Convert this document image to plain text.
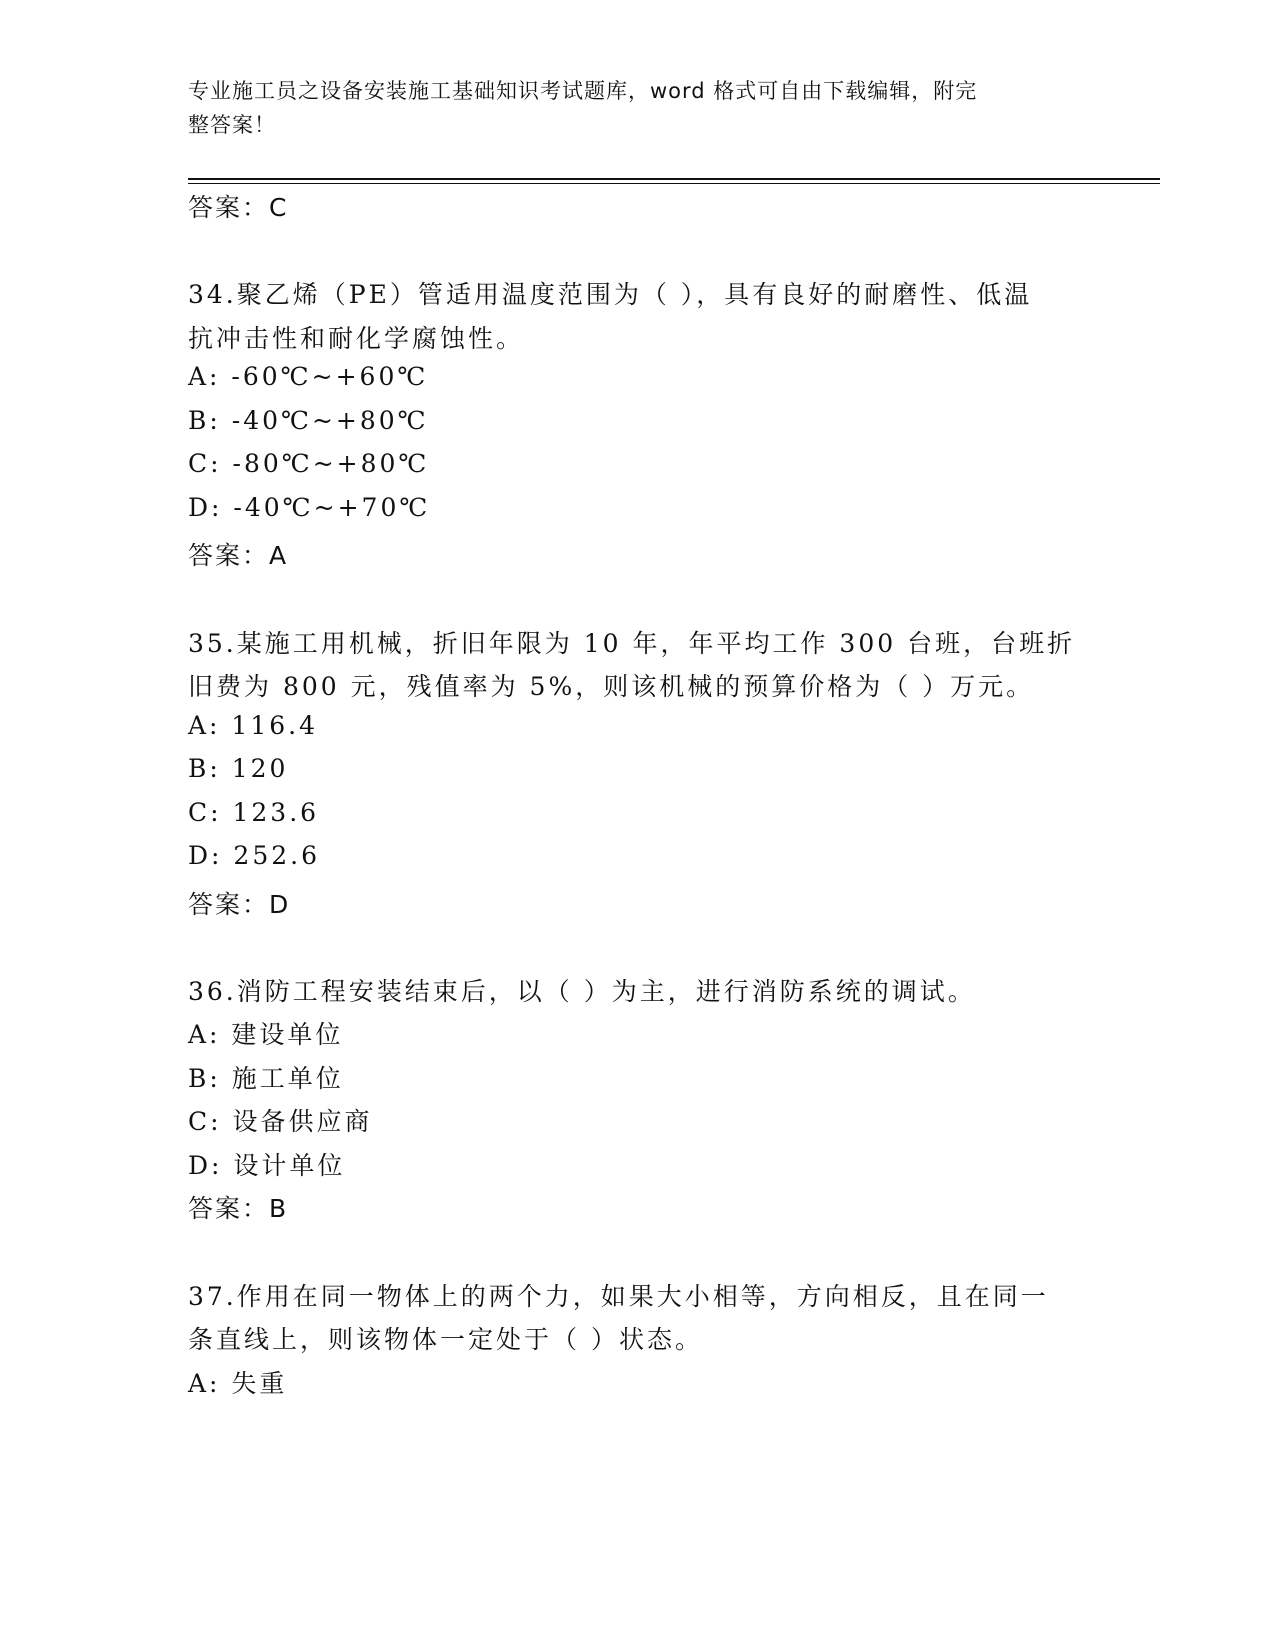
专业施工员之设备安装施工基础知识考试题库，word 格式可自由下载编辑，附完
整答案！
答案：C
34.聚乙烯（PE）管适用温度范围为（ ），具有良好的耐磨性、低温
抗冲击性和耐化学腐蚀性。
A: -60℃~+60℃
B: -40℃~+80℃
C: -80℃~+80℃
D: -40℃~+70℃
答案：A
35.某施工用机械，折旧年限为 10 年，年平均工作 300 台班，台班折
旧费为 800 元，残值率为 5%，则该机械的预算价格为（ ）万元。
A: 116.4
B: 120
C: 123.6
D: 252.6
答案：D
36.消防工程安装结束后，以（ ）为主，进行消防系统的调试。
A: 建设单位
B: 施工单位
C: 设备供应商
D: 设计单位
答案：B
37.作用在同一物体上的两个力，如果大小相等，方向相反，且在同一
条直线上，则该物体一定处于（ ）状态。
A: 失重
